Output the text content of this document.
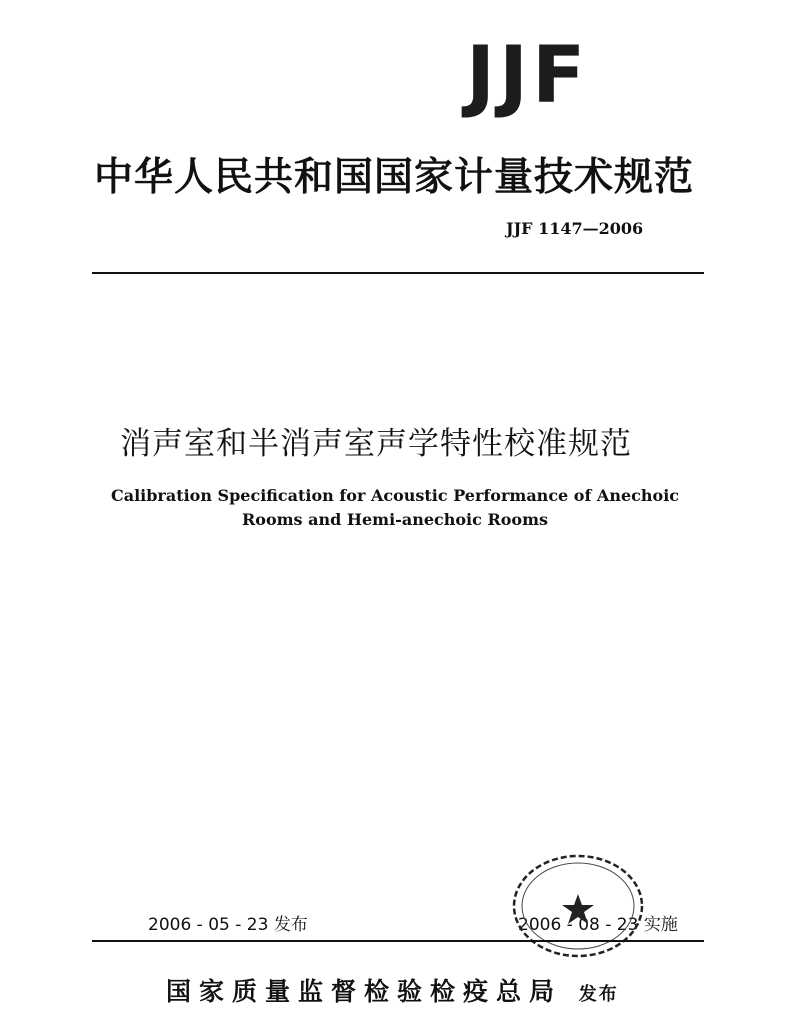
JJF
中华人民共和国国家计量技术规范
JJF 1147—2006
消声室和半消声室声学特性校准规范
Calibration Specification for Acoustic Performance of Anechoic
Rooms and Hemi-anechoic Rooms
2006 - 05 - 23 发布	2006 - 08 - 23 实施
国家质量监督检验检疫总局 发布
